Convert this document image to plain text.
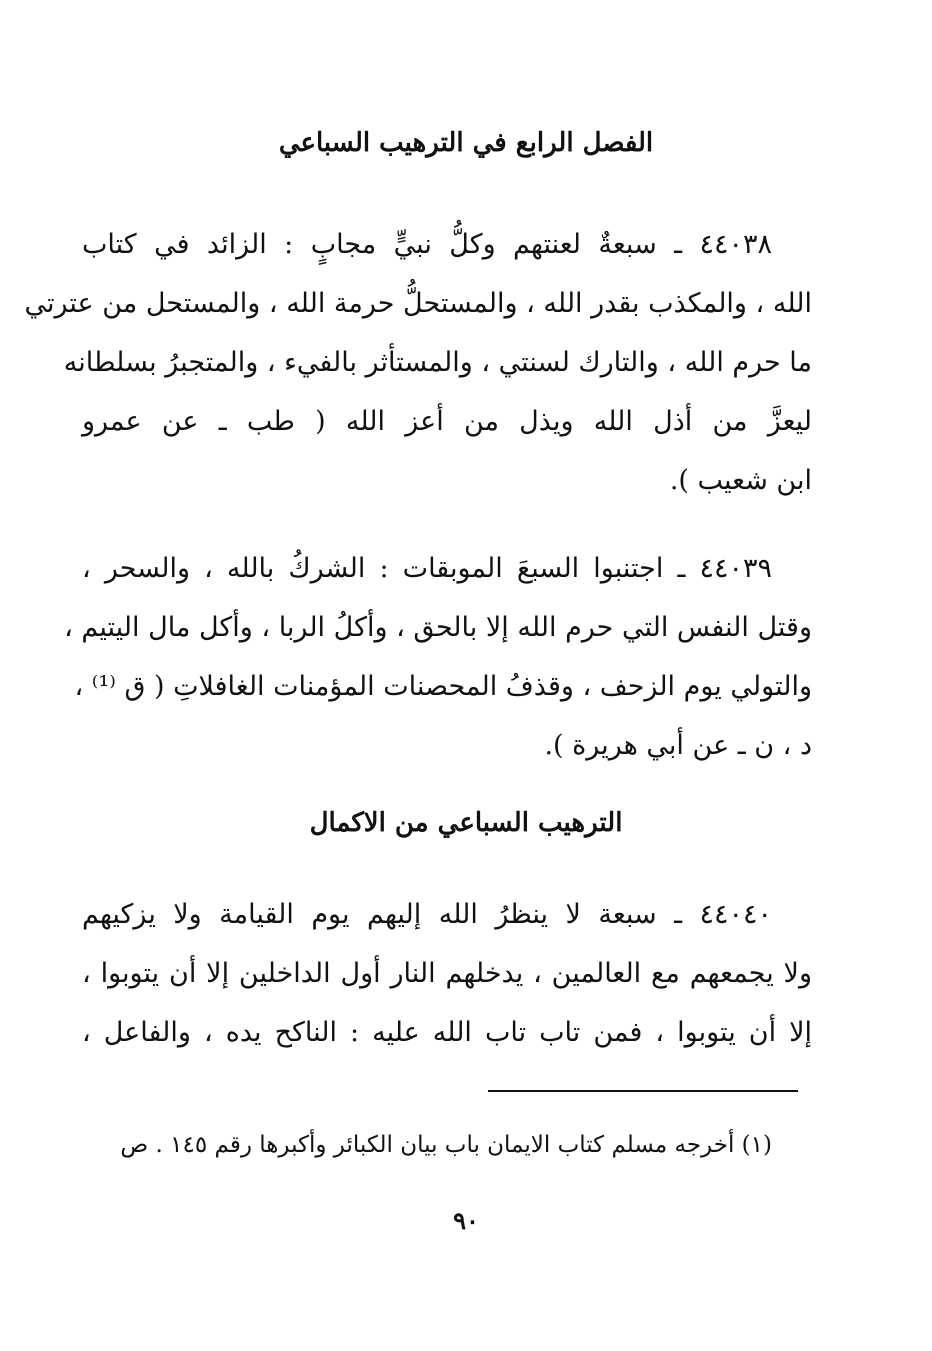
الفصل الرابع في الترهيب السباعي
٤٤٠٣٨ ـ سبعةٌ لعنتهم وكلُّ نبيٍّ مجابٍ : الزائد في كتاب
الله ، والمكذب بقدر الله ، والمستحلُّ حرمة الله ، والمستحل من عترتي
ما حرم الله ، والتارك لسنتي ، والمستأثر بالفيء ، والمتجبرُ بسلطانه
ليعزَّ من أذل الله ويذل من أعز الله ( طب ـ عن عمرو
ابن شعيب ).
٤٤٠٣٩ ـ اجتنبوا السبعَ الموبقات : الشركُ بالله ، والسحر ،
وقتل النفس التي حرم الله إلا بالحق ، وأكلُ الربا ، وأكل مال اليتيم ،
والتولي يوم الزحف ، وقذفُ المحصنات المؤمنات الغافلاتِ ( ق ⁽¹⁾ ،
د ، ن ـ عن أبي هريرة ).
الترهيب السباعي من الاكمال
٤٤٠٤٠ ـ سبعة لا ينظرُ الله إليهم يوم القيامة ولا يزكيهم
ولا يجمعهم مع العالمين ، يدخلهم النار أول الداخلين إلا أن يتوبوا ،
إلا أن يتوبوا ، فمن تاب تاب الله عليه : الناكح يده ، والفاعل ،
(١) أخرجه مسلم كتاب الايمان باب بيان الكبائر وأكبرها رقم ١٤٥ . ص
٩٠
